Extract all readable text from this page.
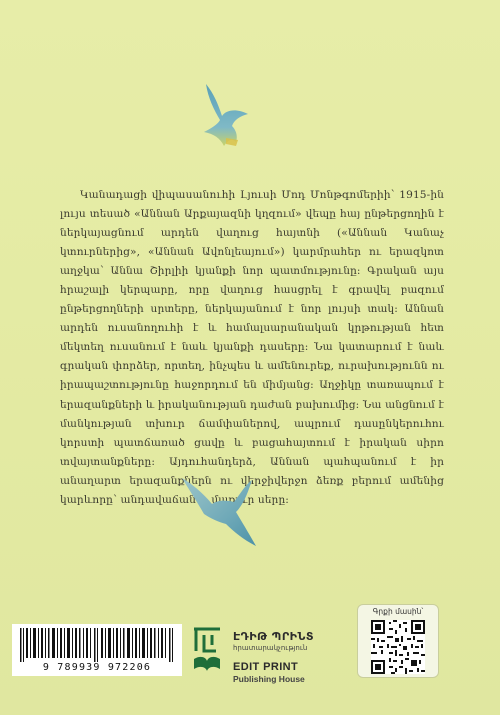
Կանադացի վիպասանուհի Լյուսի Մոդ Մոնթգոմերիի՝ 1915-ին լույս տեսած «Աննան Արքայազնի կղզում» վեպը հայ ընթերցողին է ներկայացնում արդեն վաղուց հայտնի («Աննան Կանաչ կտուրներից», «Աննան Ավոնլեայում») կարմրահեր ու երազկոտ աղջկա՝ Աննա Շիրլիի կյանքի նոր պատմությունը: Գրական այս հրաշալի կերպարը, որը վաղուց հասցրել է գրավել բազում ընթերցողների սրտերը, ներկայանում է նոր լույսի տակ: Աննան արդեն ուսանողուհի է և համալսարանական կրթության հետ մեկտեղ ուսանում է նաև կյանքի դասերը: Նա կատարում է նաև գրական փորձեր, որտեղ, ինչպես և ամենուրեք, ուրախությունն ու իրապաշտությունը հաջորդում են միմյանց: Աղջիկը տառապում է երազանքների և իրականության դաժան բախումից: Նա անցնում է մանկության տխուր ճամփաներով, ապրում դասընկերուհու կորստի պատճառած ցավը և բացահայտում է իրական սիրո տվայտանքները: Այդուհանդերձ, Աննան պահպանում է իր անաղարտ երազանքներն ու վերջիվերջո ձեռք բերում ամենից կարևորը՝ անդավաճան և մաքուր սերը:
9 789939 972206
ԷԴԻԹ ՊՐԻՆՏ
հրատարակչություն
EDIT PRINT
Publishing House
Գրքի մասին՝
